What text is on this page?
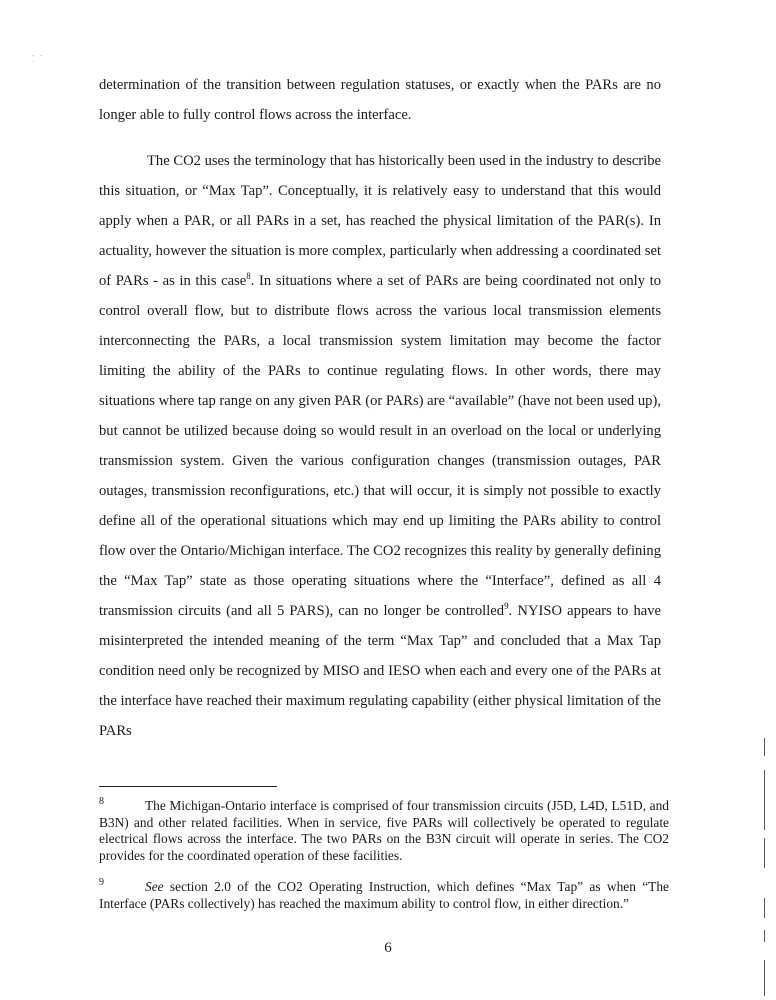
· · ˙

determination of the transition between regulation statuses, or exactly when the PARs are no longer able to fully control flows across the interface.

The CO2 uses the terminology that has historically been used in the industry to describe this situation, or “Max Tap”. Conceptually, it is relatively easy to understand that this would apply when a PAR, or all PARs in a set, has reached the physical limitation of the PAR(s). In actuality, however the situation is more complex, particularly when addressing a coordinated set of PARs - as in this case$^8$. In situations where a set of PARs are being coordinated not only to control overall flow, but to distribute flows across the various local transmission elements interconnecting the PARs, a local transmission system limitation may become the factor limiting the ability of the PARs to continue regulating flows. In other words, there may situations where tap range on any given PAR (or PARs) are “available” (have not been used up), but cannot be utilized because doing so would result in an overload on the local or underlying transmission system. Given the various configuration changes (transmission outages, PAR outages, transmission reconfigurations, etc.) that will occur, it is simply not possible to exactly define all of the operational situations which may end up limiting the PARs ability to control flow over the Ontario/Michigan interface. The CO2 recognizes this reality by generally defining the “Max Tap” state as those operating situations where the “Interface”, defined as all 4 transmission circuits (and all 5 PARS), can no longer be controlled$^9$. NYISO appears to have misinterpreted the intended meaning of the term “Max Tap” and concluded that a Max Tap condition need only be recognized by MISO and IESO when each and every one of the PARs at the interface have reached their maximum regulating capability (either physical limitation of the PARs

8	The Michigan-Ontario interface is comprised of four transmission circuits (J5D, L4D, L51D, and B3N) and other related facilities. When in service, five PARs will collectively be operated to regulate electrical flows across the interface. The two PARs on the B3N circuit will operate in series. The CO2 provides for the coordinated operation of these facilities.
9	See section 2.0 of the CO2 Operating Instruction, which defines “Max Tap” as when “The Interface (PARs collectively) has reached the maximum ability to control flow, in either direction.”
6
